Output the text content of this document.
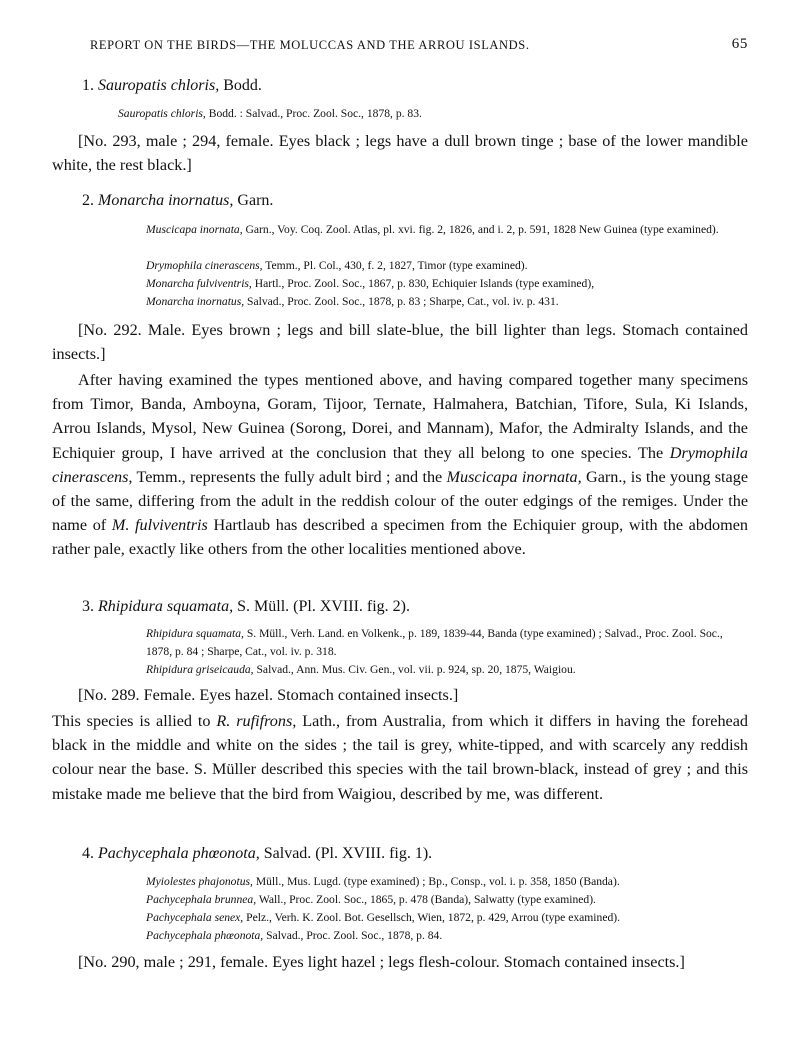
REPORT ON THE BIRDS—THE MOLUCCAS AND THE ARROU ISLANDS.	65
1. Sauropatis chloris, Bodd.
Sauropatis chloris, Bodd. : Salvad., Proc. Zool. Soc., 1878, p. 83.
[No. 293, male ; 294, female. Eyes black ; legs have a dull brown tinge ; base of the lower mandible white, the rest black.]
2. Monarcha inornatus, Garn.
Muscicapa inornata, Garn., Voy. Coq. Zool. Atlas, pl. xvi. fig. 2, 1826, and i. 2, p. 591, 1828 New Guinea (type examined).
Drymophila cinerascens, Temm., Pl. Col., 430, f. 2, 1827, Timor (type examined).
Monarcha fulviventris, Hartl., Proc. Zool. Soc., 1867, p. 830, Echiquier Islands (type examined),
Monarcha inornatus, Salvad., Proc. Zool. Soc., 1878, p. 83 ; Sharpe, Cat., vol. iv. p. 431.
[No. 292. Male. Eyes brown ; legs and bill slate-blue, the bill lighter than legs. Stomach contained insects.]
After having examined the types mentioned above, and having compared together many specimens from Timor, Banda, Amboyna, Goram, Tijoor, Ternate, Halmahera, Batchian, Tifore, Sula, Ki Islands, Arrou Islands, Mysol, New Guinea (Sorong, Dorei, and Mannam), Mafor, the Admiralty Islands, and the Echiquier group, I have arrived at the conclusion that they all belong to one species. The Drymophila cinerascens, Temm., represents the fully adult bird ; and the Muscicapa inornata, Garn., is the young stage of the same, differing from the adult in the reddish colour of the outer edgings of the remiges. Under the name of M. fulviventris Hartlaub has described a specimen from the Echiquier group, with the abdomen rather pale, exactly like others from the other localities mentioned above.
3. Rhipidura squamata, S. Müll. (Pl. XVIII. fig. 2).
Rhipidura squamata, S. Müll., Verh. Land. en Volkenk., p. 189, 1839-44, Banda (type examined) ; Salvad., Proc. Zool. Soc., 1878, p. 84 ; Sharpe, Cat., vol. iv. p. 318.
Rhipidura griseicauda, Salvad., Ann. Mus. Civ. Gen., vol. vii. p. 924, sp. 20, 1875, Waigiou.
[No. 289. Female. Eyes hazel. Stomach contained insects.]
This species is allied to R. rufifrons, Lath., from Australia, from which it differs in having the forehead black in the middle and white on the sides ; the tail is grey, white-tipped, and with scarcely any reddish colour near the base. S. Müller described this species with the tail brown-black, instead of grey ; and this mistake made me believe that the bird from Waigiou, described by me, was different.
4. Pachycephala phœonota, Salvad. (Pl. XVIII. fig. 1).
Myiolestes phajonotus, Müll., Mus. Lugd. (type examined) ; Bp., Consp., vol. i. p. 358, 1850 (Banda).
Pachycephala brunnea, Wall., Proc. Zool. Soc., 1865, p. 478 (Banda), Salwatty (type examined).
Pachycephala senex, Pelz., Verh. K. Zool. Bot. Gesellsch, Wien, 1872, p. 429, Arrou (type examined).
Pachycephala phœonota, Salvad., Proc. Zool. Soc., 1878, p. 84.
[No. 290, male ; 291, female. Eyes light hazel ; legs flesh-colour. Stomach contained insects.]
